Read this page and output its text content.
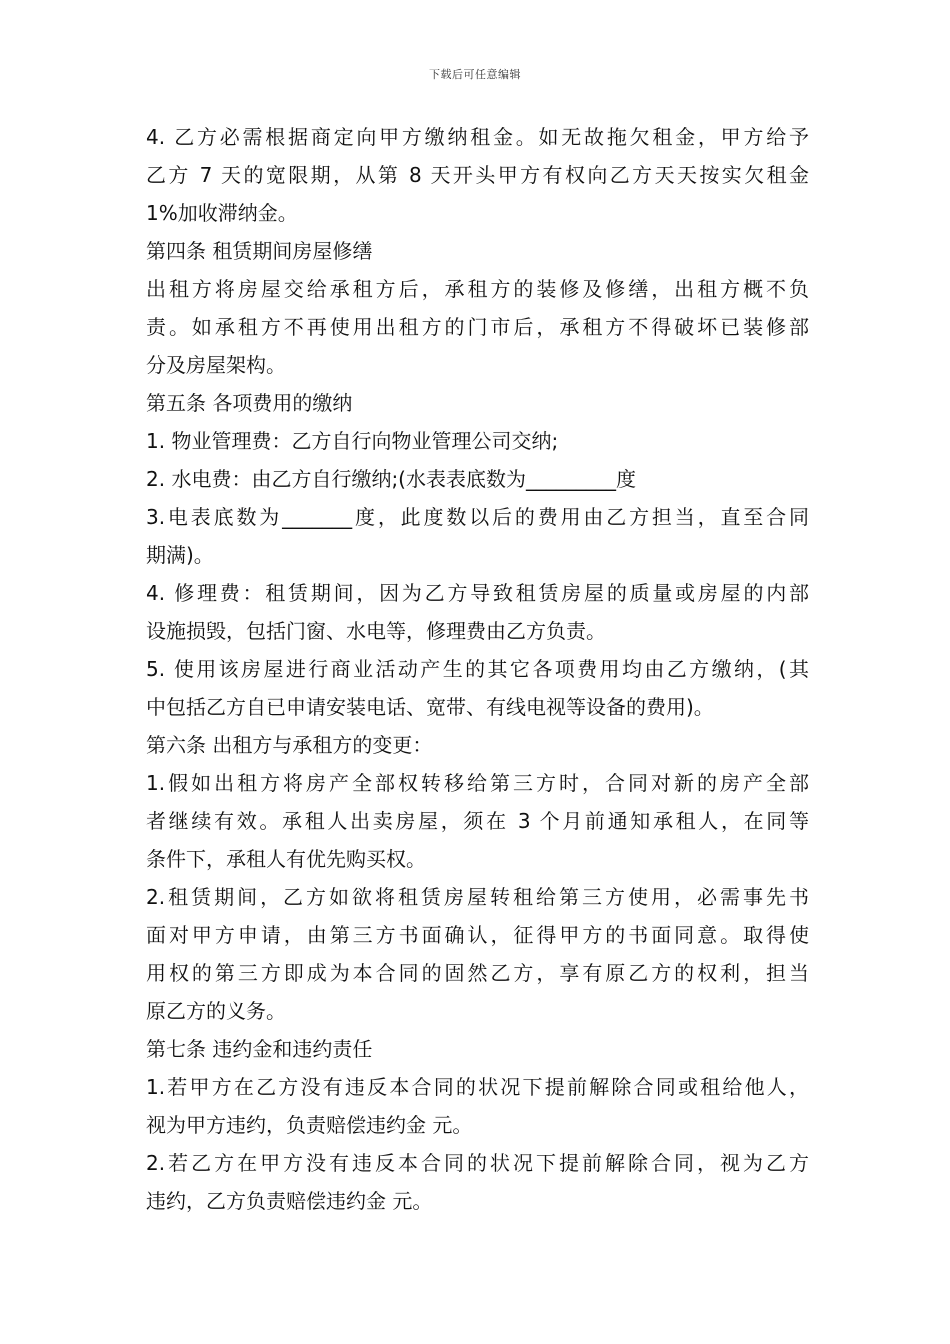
下载后可任意编辑
4. 乙方必需根据商定向甲方缴纳租金。如无故拖欠租金，甲方给予
乙方 7 天的宽限期，从第 8 天开头甲方有权向乙方天天按实欠租金
1%加收滞纳金。
第四条 租赁期间房屋修缮
出租方将房屋交给承租方后，承租方的装修及修缮，出租方概不负
责。如承租方不再使用出租方的门市后，承租方不得破坏已装修部
分及房屋架构。
第五条 各项费用的缴纳
1. 物业管理费：乙方自行向物业管理公司交纳;
2. 水电费：由乙方自行缴纳;(水表表底数为_________度
3.电表底数为_______度，此度数以后的费用由乙方担当，直至合同
期满)。
4. 修理费：租赁期间，因为乙方导致租赁房屋的质量或房屋的内部
设施损毁，包括门窗、水电等，修理费由乙方负责。
5. 使用该房屋进行商业活动产生的其它各项费用均由乙方缴纳，(其
中包括乙方自已申请安装电话、宽带、有线电视等设备的费用)。
第六条 出租方与承租方的变更：
1.假如出租方将房产全部权转移给第三方时，合同对新的房产全部
者继续有效。承租人出卖房屋，须在 3 个月前通知承租人，在同等
条件下，承租人有优先购买权。
2.租赁期间，乙方如欲将租赁房屋转租给第三方使用，必需事先书
面对甲方申请，由第三方书面确认，征得甲方的书面同意。取得使
用权的第三方即成为本合同的固然乙方，享有原乙方的权利，担当
原乙方的义务。
第七条 违约金和违约责任
1.若甲方在乙方没有违反本合同的状况下提前解除合同或租给他人，
视为甲方违约，负责赔偿违约金 元。
2.若乙方在甲方没有违反本合同的状况下提前解除合同，视为乙方
违约，乙方负责赔偿违约金 元。
